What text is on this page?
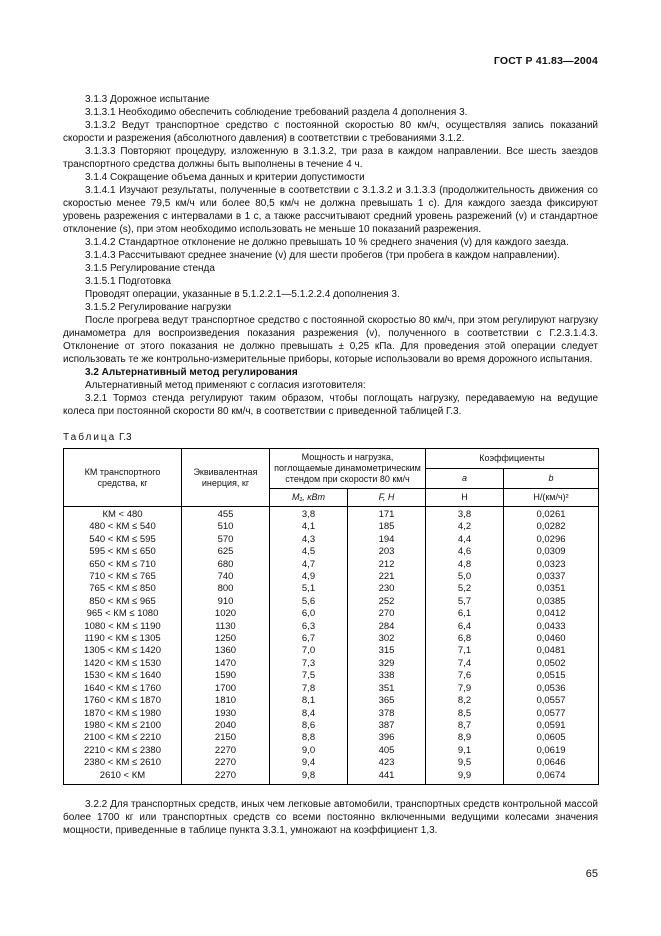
ГОСТ Р 41.83—2004

3.1.3 Дорожное испытание

3.1.3.1 Необходимо обеспечить соблюдение требований раздела 4 дополнения 3.

3.1.3.2 Ведут транспортное средство с постоянной скоростью 80 км/ч, осуществляя запись показаний скорости и разрежения (абсолютного давления) в соответствии с требованиями 3.1.2.

3.1.3.3 Повторяют процедуру, изложенную в 3.1.3.2, три раза в каждом направлении. Все шесть заездов транспортного средства должны быть выполнены в течение 4 ч.

3.1.4 Сокращение объема данных и критерии допустимости

3.1.4.1 Изучают результаты, полученные в соответствии с 3.1.3.2 и 3.1.3.3 (продолжительность движения со скоростью менее 79,5 км/ч или более 80,5 км/ч не должна превышать 1 с). Для каждого заезда фиксируют уровень разрежения с интервалами в 1 с, а также рассчитывают средний уровень разрежений (v) и стандартное отклонение (s), при этом необходимо использовать не меньше 10 показаний разрежения.

3.1.4.2 Стандартное отклонение не должно превышать 10 % среднего значения (v) для каждого заезда.

3.1.4.3 Рассчитывают среднее значение (v) для шести пробегов (три пробега в каждом направлении).

3.1.5 Регулирование стенда

3.1.5.1 Подготовка

Проводят операции, указанные в 5.1.2.2.1—5.1.2.2.4 дополнения 3.

3.1.5.2 Регулирование нагрузки

После прогрева ведут транспортное средство с постоянной скоростью 80 км/ч, при этом регулируют нагрузку динамометра для воспроизведения показания разрежения (v), полученного в соответствии с Г.2.3.1.4.3. Отклонение от этого показания не должно превышать ± 0,25 кПа. Для проведения этой операции следует использовать те же контрольно-измерительные приборы, которые использовали во время дорожного испытания.

3.2 Альтернативный метод регулирования

Альтернативный метод применяют с согласия изготовителя:

3.2.1 Тормоз стенда регулируют таким образом, чтобы поглощать нагрузку, передаваемую на ведущие колеса при постоянной скорости 80 км/ч, в соответствии с приведенной таблицей Г.3.

Таблица Г.3
КМ транспортного средства, кг	Эквивалентная инерция, кг	Мощность и нагрузка, поглощаемые динамометрическим стендом при скорости 80 км/ч		Коэффициенты	
				a	b
		M₁, кВт	F, Н	Н	Н/(км/ч)²
КМ < 480	455	3,8	171	3,8	0,0261
480 < КМ ≤ 540	510	4,1	185	4,2	0,0282
540 < КМ ≤ 595	570	4,3	194	4,4	0,0296
595 < КМ ≤ 650	625	4,5	203	4,6	0,0309
650 < КМ ≤ 710	680	4,7	212	4,8	0,0323
710 < КМ ≤ 765	740	4,9	221	5,0	0,0337
765 < КМ ≤ 850	800	5,1	230	5,2	0,0351
850 < КМ ≤ 965	910	5,6	252	5,7	0,0385
965 < КМ ≤ 1080	1020	6,0	270	6,1	0,0412
1080 < КМ ≤ 1190	1130	6,3	284	6,4	0,0433
1190 < КМ ≤ 1305	1250	6,7	302	6,8	0,0460
1305 < КМ ≤ 1420	1360	7,0	315	7,1	0,0481
1420 < КМ ≤ 1530	1470	7,3	329	7,4	0,0502
1530 < КМ ≤ 1640	1590	7,5	338	7,6	0,0515
1640 < КМ ≤ 1760	1700	7,8	351	7,9	0,0536
1760 < КМ ≤ 1870	1810	8,1	365	8,2	0,0557
1870 < КМ ≤ 1980	1930	8,4	378	8,5	0,0577
1980 < КМ ≤ 2100	2040	8,6	387	8,7	0,0591
2100 < КМ ≤ 2210	2150	8,8	396	8,9	0,0605
2210 < КМ ≤ 2380	2270	9,0	405	9,1	0,0619
2380 < КМ ≤ 2610	2270	9,4	423	9,5	0,0646
2610 < КМ	2270	9,8	441	9,9	0,0674

3.2.2 Для транспортных средств, иных чем легковые автомобили, транспортных средств контрольной массой более 1700 кг или транспортных средств со всеми постоянно включенными ведущими колесами значения мощности, приведенные в таблице пункта 3.3.1, умножают на коэффициент 1,3.

65
